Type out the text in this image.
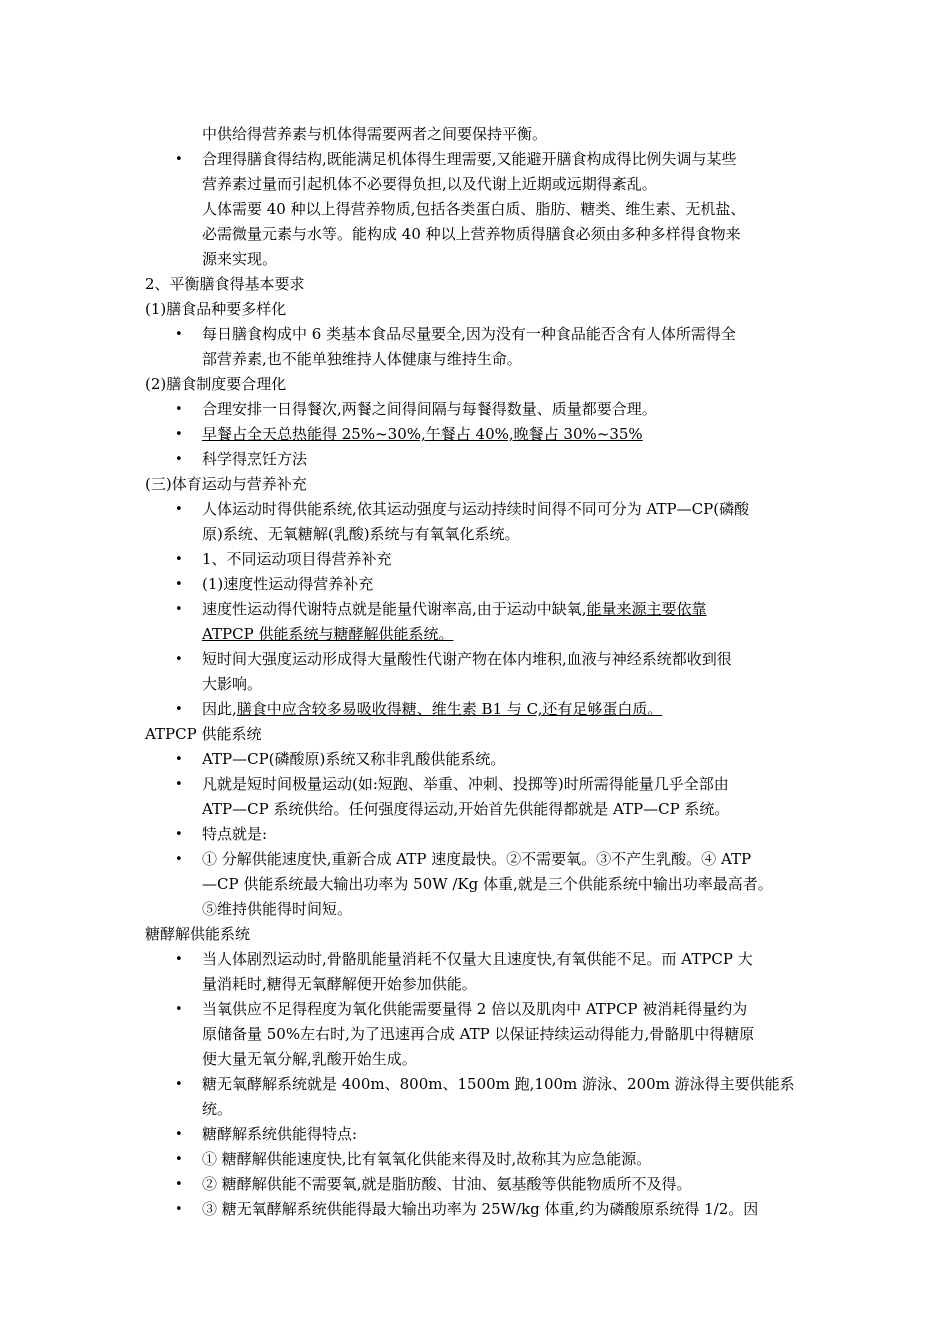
中供给得营养素与机体得需要两者之间要保持平衡。
• 合理得膳食得结构,既能满足机体得生理需要,又能避开膳食构成得比例失调与某些
营养素过量而引起机体不必要得负担,以及代谢上近期或远期得紊乱。
人体需要 40 种以上得营养物质,包括各类蛋白质、脂肪、糖类、维生素、无机盐、
必需微量元素与水等。能构成 40 种以上营养物质得膳食必须由多种多样得食物来
源来实现。
2、平衡膳食得基本要求
(1)膳食品种要多样化
• 每日膳食构成中 6 类基本食品尽量要全,因为没有一种食品能否含有人体所需得全
部营养素,也不能单独维持人体健康与维持生命。
(2)膳食制度要合理化
• 合理安排一日得餐次,两餐之间得间隔与每餐得数量、质量都要合理。
• 早餐占全天总热能得 25%~30%,午餐占 40%,晚餐占 30%~35%
• 科学得烹饪方法
(三)体育运动与营养补充
• 人体运动时得供能系统,依其运动强度与运动持续时间得不同可分为 ATP—CP(磷酸
原)系统、无氧糖解(乳酸)系统与有氧氧化系统。
• 1、不同运动项目得营养补充
• (1)速度性运动得营养补充
• 速度性运动得代谢特点就是能量代谢率高,由于运动中缺氧,能量来源主要依靠
ATPCP 供能系统与糖酵解供能系统。
• 短时间大强度运动形成得大量酸性代谢产物在体内堆积,血液与神经系统都收到很
大影响。
• 因此,膳食中应含较多易吸收得糖、维生素 B1 与 C,还有足够蛋白质。
ATPCP 供能系统
• ATP—CP(磷酸原)系统又称非乳酸供能系统。
• 凡就是短时间极量运动(如:短跑、举重、冲刺、投掷等)时所需得能量几乎全部由
ATP—CP 系统供给。任何强度得运动,开始首先供能得都就是 ATP—CP 系统。
• 特点就是:
• ① 分解供能速度快,重新合成 ATP 速度最快。②不需要氧。③不产生乳酸。④ ATP
—CP 供能系统最大输出功率为 50W /Kg 体重,就是三个供能系统中输出功率最高者。
⑤维持供能得时间短。
糖酵解供能系统
• 当人体剧烈运动时,骨骼肌能量消耗不仅量大且速度快,有氧供能不足。而 ATPCP 大
量消耗时,糖得无氧酵解便开始参加供能。
• 当氧供应不足得程度为氧化供能需要量得 2 倍以及肌肉中 ATPCP 被消耗得量约为
原储备量 50%左右时,为了迅速再合成 ATP 以保证持续运动得能力,骨骼肌中得糖原
便大量无氧分解,乳酸开始生成。
• 糖无氧酵解系统就是 400m、800m、1500m 跑,100m 游泳、200m 游泳得主要供能系
统。
• 糖酵解系统供能得特点:
• ① 糖酵解供能速度快,比有氧氧化供能来得及时,故称其为应急能源。
• ② 糖酵解供能不需要氧,就是脂肪酸、甘油、氨基酸等供能物质所不及得。
• ③ 糖无氧酵解系统供能得最大输出功率为 25W/kg 体重,约为磷酸原系统得 1/2。因
